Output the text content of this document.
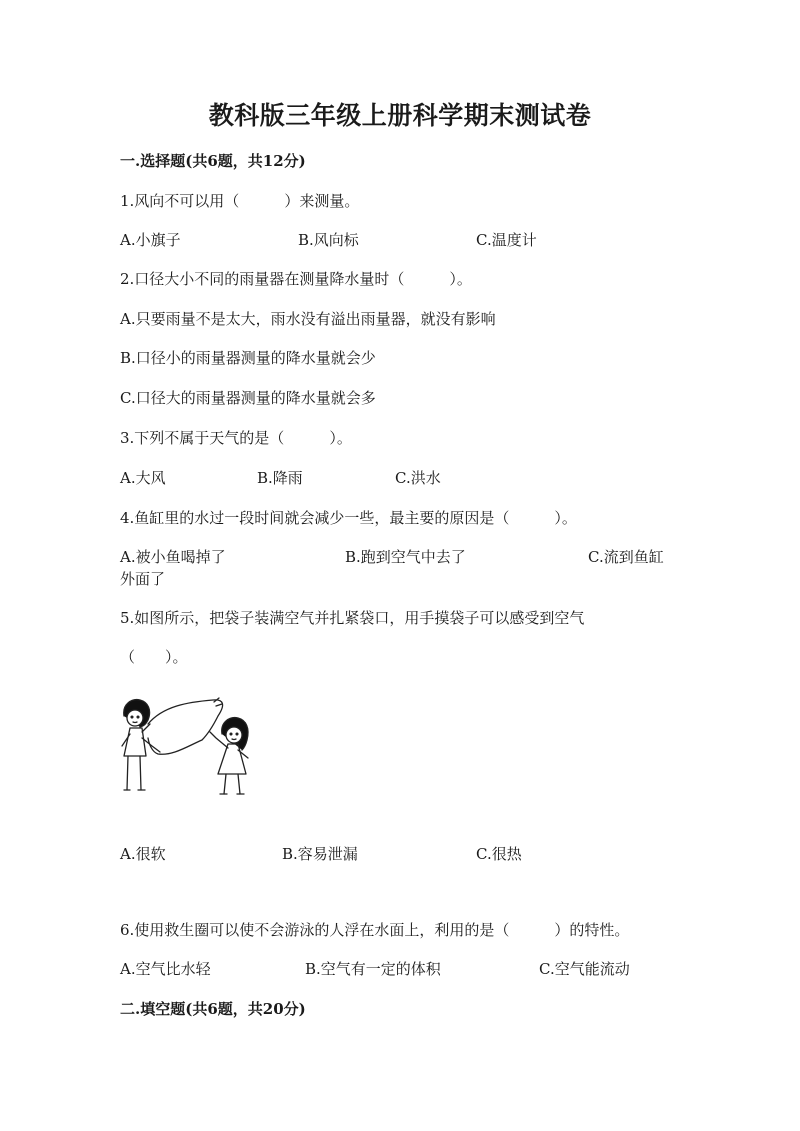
教科版三年级上册科学期末测试卷
一.选择题(共6题，共12分)
1.风向不可以用（　　　）来测量。
A.小旗子	B.风向标	C.温度计
2.口径大小不同的雨量器在测量降水量时（　　　）。
A.只要雨量不是太大，雨水没有溢出雨量器，就没有影响
B.口径小的雨量器测量的降水量就会少
C.口径大的雨量器测量的降水量就会多
3.下列不属于天气的是（　　　）。
A.大风	B.降雨	C.洪水
4.鱼缸里的水过一段时间就会减少一些，最主要的原因是（　　　）。
A.被小鱼喝掉了	B.跑到空气中去了	C.流到鱼缸
外面了
5.如图所示，把袋子装满空气并扎紧袋口，用手摸袋子可以感受到空气
（　　）。
A.很软	B.容易泄漏	C.很热
6.使用救生圈可以使不会游泳的人浮在水面上，利用的是（　　　）的特性。
A.空气比水轻	B.空气有一定的体积	C.空气能流动
二.填空题(共6题，共20分)
